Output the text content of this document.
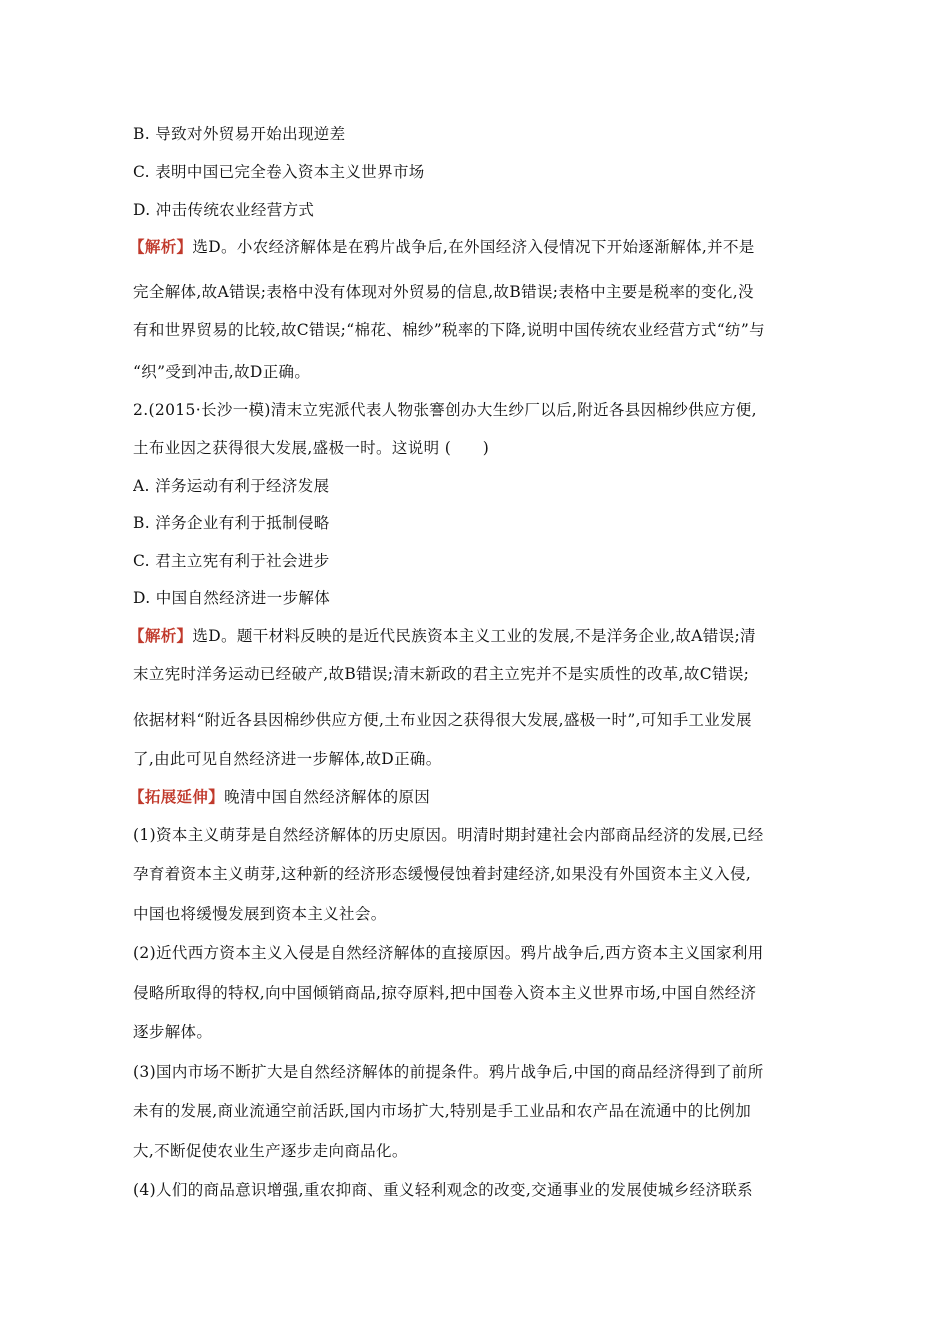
B. 导致对外贸易开始出现逆差
C. 表明中国已完全卷入资本主义世界市场
D. 冲击传统农业经营方式
【解析】选D。小农经济解体是在鸦片战争后,在外国经济入侵情况下开始逐渐解体,并不是
完全解体,故A错误;表格中没有体现对外贸易的信息,故B错误;表格中主要是税率的变化,没
有和世界贸易的比较,故C错误;“棉花、棉纱”税率的下降,说明中国传统农业经营方式“纺”与
“织”受到冲击,故D正确。
2.(2015·长沙一模)清末立宪派代表人物张謇创办大生纱厂以后,附近各县因棉纱供应方便,
土布业因之获得很大发展,盛极一时。这说明 (　　)
A. 洋务运动有利于经济发展
B. 洋务企业有利于抵制侵略
C. 君主立宪有利于社会进步
D. 中国自然经济进一步解体
【解析】选D。题干材料反映的是近代民族资本主义工业的发展,不是洋务企业,故A错误;清
末立宪时洋务运动已经破产,故B错误;清末新政的君主立宪并不是实质性的改革,故C错误;
依据材料“附近各县因棉纱供应方便,土布业因之获得很大发展,盛极一时”,可知手工业发展
了,由此可见自然经济进一步解体,故D正确。
【拓展延伸】晚清中国自然经济解体的原因
(1)资本主义萌芽是自然经济解体的历史原因。明清时期封建社会内部商品经济的发展,已经
孕育着资本主义萌芽,这种新的经济形态缓慢侵蚀着封建经济,如果没有外国资本主义入侵,
中国也将缓慢发展到资本主义社会。
(2)近代西方资本主义入侵是自然经济解体的直接原因。鸦片战争后,西方资本主义国家利用
侵略所取得的特权,向中国倾销商品,掠夺原料,把中国卷入资本主义世界市场,中国自然经济
逐步解体。
(3)国内市场不断扩大是自然经济解体的前提条件。鸦片战争后,中国的商品经济得到了前所
未有的发展,商业流通空前活跃,国内市场扩大,特别是手工业品和农产品在流通中的比例加
大,不断促使农业生产逐步走向商品化。
(4)人们的商品意识增强,重农抑商、重义轻利观念的改变,交通事业的发展使城乡经济联系
